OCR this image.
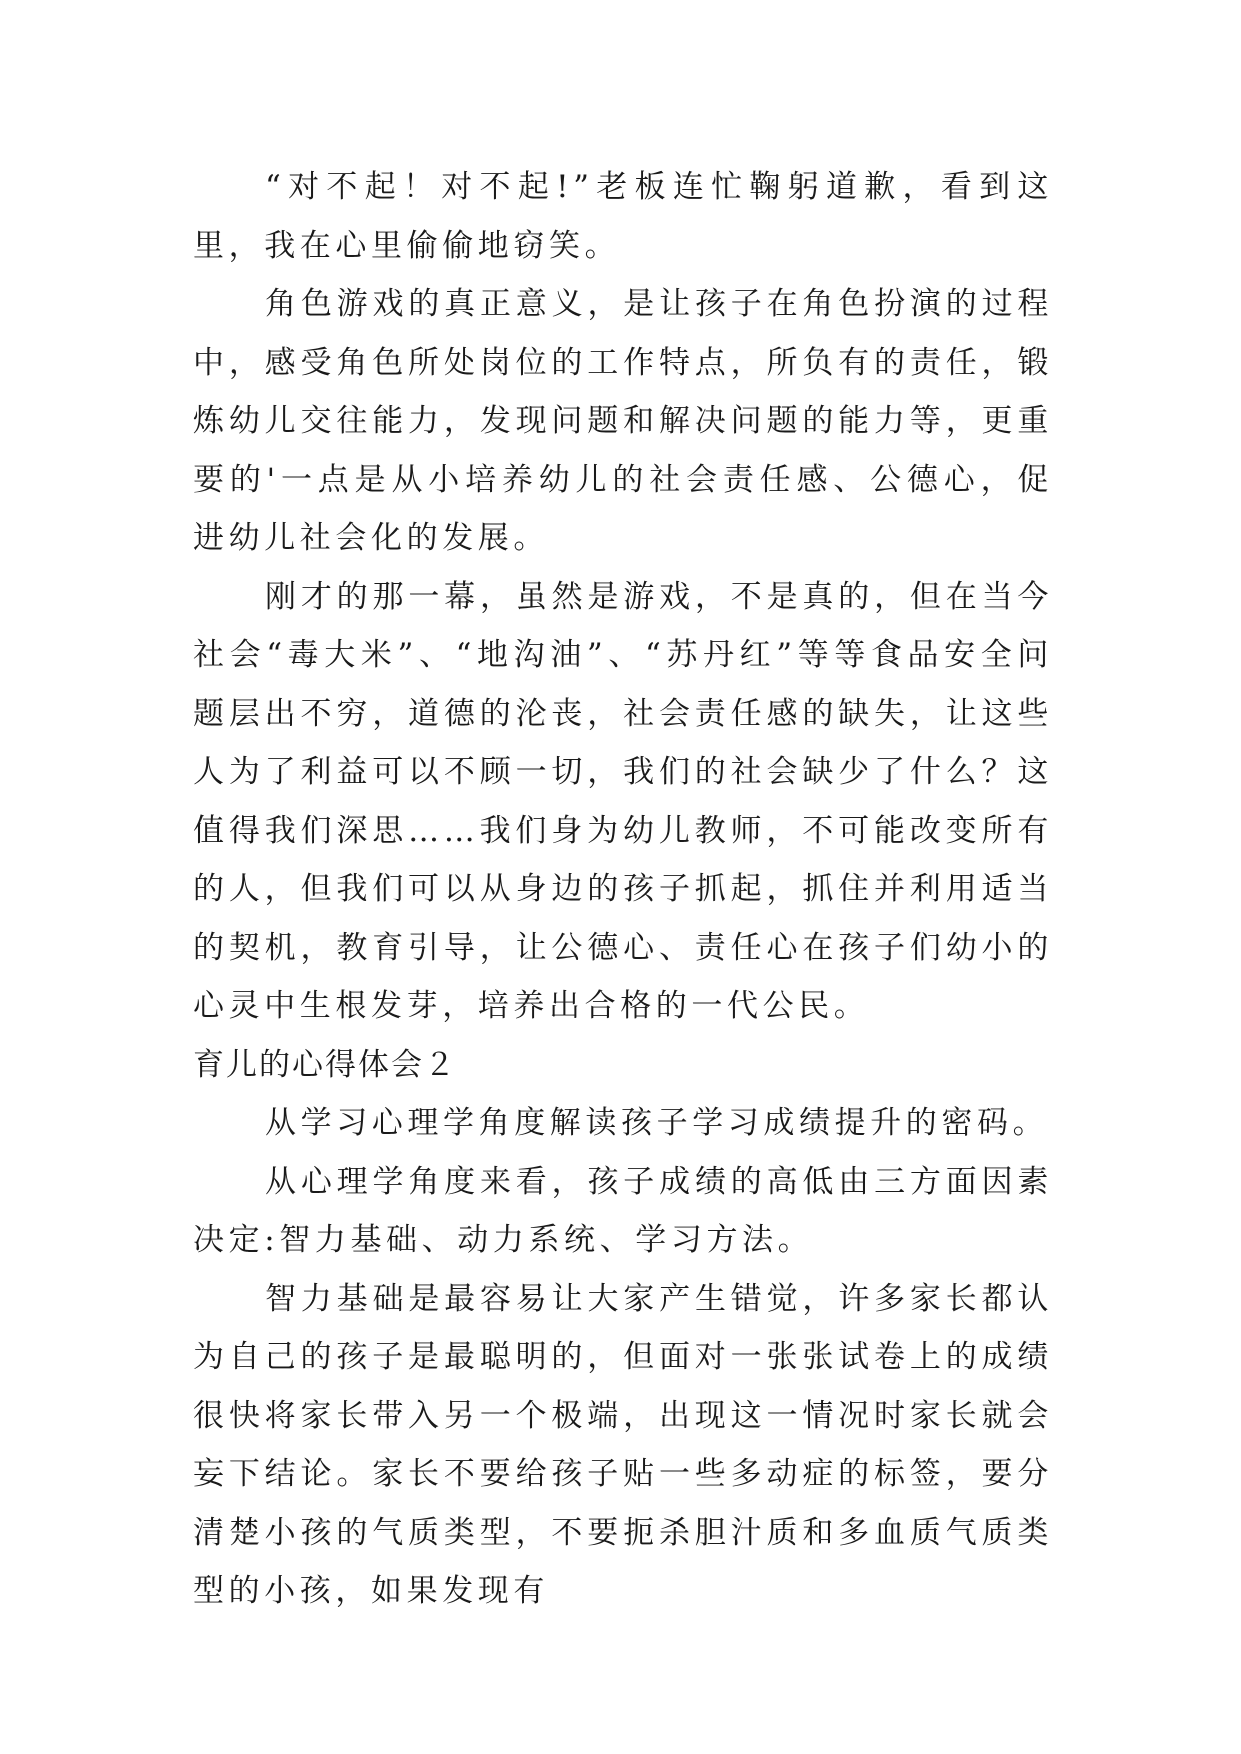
“对不起！对不起!”老板连忙鞠躬道歉，看到这里，我在心里偷偷地窃笑。

角色游戏的真正意义，是让孩子在角色扮演的过程中，感受角色所处岗位的工作特点，所负有的责任，锻炼幼儿交往能力，发现问题和解决问题的能力等，更重要的'一点是从小培养幼儿的社会责任感、公德心，促进幼儿社会化的发展。

刚才的那一幕，虽然是游戏，不是真的，但在当今社会“毒大米”、“地沟油”、“苏丹红”等等食品安全问题层出不穷，道德的沦丧，社会责任感的缺失，让这些人为了利益可以不顾一切，我们的社会缺少了什么？这值得我们深思……我们身为幼儿教师，不可能改变所有的人，但我们可以从身边的孩子抓起，抓住并利用适当的契机，教育引导，让公德心、责任心在孩子们幼小的心灵中生根发芽，培养出合格的一代公民。

育儿的心得体会２

从学习心理学角度解读孩子学习成绩提升的密码。

从心理学角度来看，孩子成绩的高低由三方面因素决定:智力基础、动力系统、学习方法。

智力基础是最容易让大家产生错觉，许多家长都认为自己的孩子是最聪明的，但面对一张张试卷上的成绩很快将家长带入另一个极端，出现这一情况时家长就会妄下结论。家长不要给孩子贴一些多动症的标签，要分清楚小孩的气质类型，不要扼杀胆汁质和多血质气质类型的小孩，如果发现有
